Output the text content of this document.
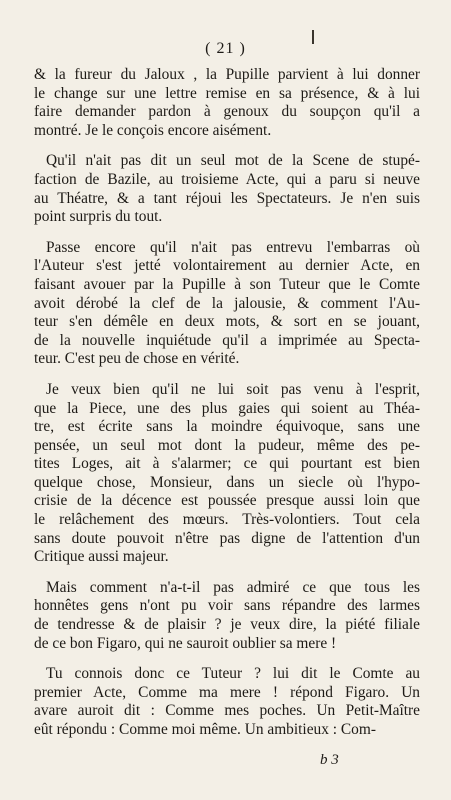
( 21 )
& la fureur du Jaloux , la Pupille parvient à lui donner
le change sur une lettre remise en sa présence, & à lui
faire demander pardon à genoux du soupçon qu'il a
montré. Je le conçois encore aisément.
Qu'il n'ait pas dit un seul mot de la Scene de stupé-
faction de Bazile, au troisieme Acte, qui a paru si neuve
au Théatre, & a tant réjoui les Spectateurs. Je n'en suis
point surpris du tout.
Passe encore qu'il n'ait pas entrevu l'embarras où
l'Auteur s'est jetté volontairement au dernier Acte, en
faisant avouer par la Pupille à son Tuteur que le Comte
avoit dérobé la clef de la jalousie, & comment l'Au-
teur s'en démêle en deux mots, & sort en se jouant,
de la nouvelle inquiétude qu'il a imprimée au Specta-
teur. C'est peu de chose en vérité.
Je veux bien qu'il ne lui soit pas venu à l'esprit,
que la Piece, une des plus gaies qui soient au Théa-
tre, est écrite sans la moindre équivoque, sans une
pensée, un seul mot dont la pudeur, même des pe-
tites Loges, ait à s'alarmer; ce qui pourtant est bien
quelque chose, Monsieur, dans un siecle où l'hypo-
crisie de la décence est poussée presque aussi loin que
le relâchement des mœurs. Très-volontiers. Tout cela
sans doute pouvoit n'être pas digne de l'attention d'un
Critique aussi majeur.
Mais comment n'a-t-il pas admiré ce que tous les
honnêtes gens n'ont pu voir sans répandre des larmes
de tendresse & de plaisir ? je veux dire, la piété filiale
de ce bon Figaro, qui ne sauroit oublier sa mere !
Tu connois donc ce Tuteur ? lui dit le Comte au
premier Acte, Comme ma mere ! répond Figaro. Un
avare auroit dit : Comme mes poches. Un Petit-Maître
eût répondu : Comme moi même. Un ambitieux : Com-
b 3
